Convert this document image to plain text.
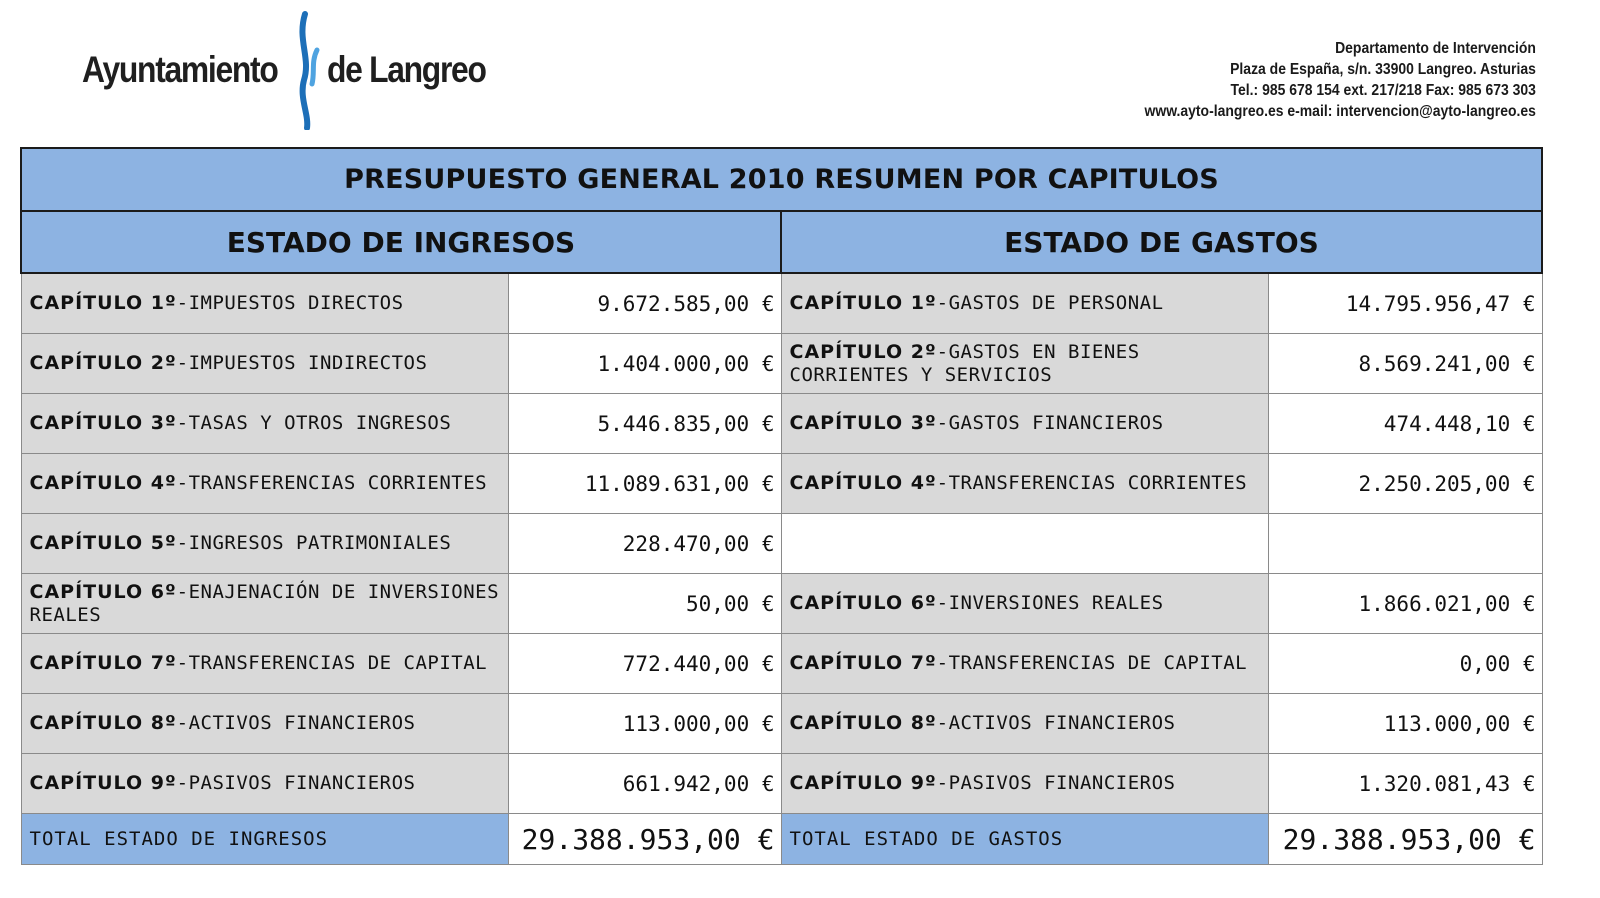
Ayuntamiento de Langreo
Departamento de Intervención
Plaza de España, s/n. 33900 Langreo. Asturias
Tel.: 985 678 154 ext. 217/218 Fax: 985 673 303
www.ayto-langreo.es e-mail: intervencion@ayto-langreo.es
PRESUPUESTO GENERAL 2010 RESUMEN POR CAPITULOS			
ESTADO DE INGRESOS		ESTADO DE GASTOS	
CAPÍTULO 1º-IMPUESTOS DIRECTOS	9.672.585,00 €	CAPÍTULO 1º-GASTOS DE PERSONAL	14.795.956,47 €
CAPÍTULO 2º-IMPUESTOS INDIRECTOS	1.404.000,00 €	CAPÍTULO 2º-GASTOS EN BIENES CORRIENTES Y SERVICIOS	8.569.241,00 €
CAPÍTULO 3º-TASAS Y OTROS INGRESOS	5.446.835,00 €	CAPÍTULO 3º-GASTOS FINANCIEROS	474.448,10 €
CAPÍTULO 4º-TRANSFERENCIAS CORRIENTES	11.089.631,00 €	CAPÍTULO 4º-TRANSFERENCIAS CORRIENTES	2.250.205,00 €
CAPÍTULO 5º-INGRESOS PATRIMONIALES	228.470,00 €		
CAPÍTULO 6º-ENAJENACIÓN DE INVERSIONES REALES	50,00 €	CAPÍTULO 6º-INVERSIONES REALES	1.866.021,00 €
CAPÍTULO 7º-TRANSFERENCIAS DE CAPITAL	772.440,00 €	CAPÍTULO 7º-TRANSFERENCIAS DE CAPITAL	0,00 €
CAPÍTULO 8º-ACTIVOS FINANCIEROS	113.000,00 €	CAPÍTULO 8º-ACTIVOS FINANCIEROS	113.000,00 €
CAPÍTULO 9º-PASIVOS FINANCIEROS	661.942,00 €	CAPÍTULO 9º-PASIVOS FINANCIEROS	1.320.081,43 €
TOTAL ESTADO DE INGRESOS	29.388.953,00 €	TOTAL ESTADO DE GASTOS	29.388.953,00 €
